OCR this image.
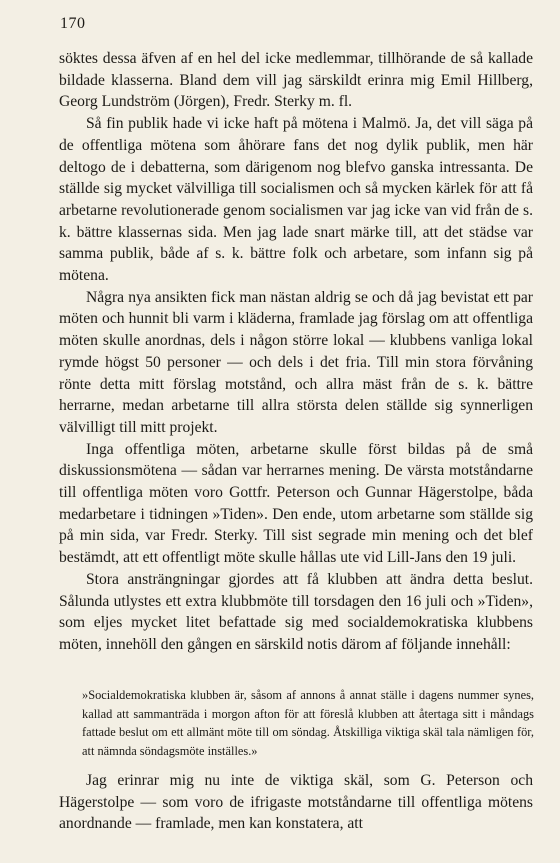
170

söktes dessa äfven af en hel del icke medlemmar, tillhörande de så kallade bildade klasserna. Bland dem vill jag särskildt erinra mig Emil Hillberg, Georg Lundström (Jörgen), Fredr. Sterky m. fl.

Så fin publik hade vi icke haft på mötena i Malmö. Ja, det vill säga på de offentliga mötena som åhörare fans det nog dylik publik, men här deltogo de i debatterna, som därigenom nog blefvo ganska intressanta. De ställde sig mycket välvilliga till socialismen och så mycken kärlek för att få arbetarne revolutionerade genom socialismen var jag icke van vid från de s. k. bättre klassernas sida. Men jag lade snart märke till, att det städse var samma publik, både af s. k. bättre folk och arbetare, som infann sig på mötena.

Några nya ansikten fick man nästan aldrig se och då jag bevistat ett par möten och hunnit bli varm i kläderna, framlade jag förslag om att offentliga möten skulle anordnas, dels i någon större lokal — klubbens vanliga lokal rymde högst 50 personer — och dels i det fria. Till min stora förvåning rönte detta mitt förslag motstånd, och allra mäst från de s. k. bättre herrarne, medan arbetarne till allra största delen ställde sig synnerligen välvilligt till mitt projekt.

Inga offentliga möten, arbetarne skulle först bildas på de små diskussionsmötena — sådan var herrarnes mening. De värsta motståndarne till offentliga möten voro Gottfr. Peterson och Gunnar Hägerstolpe, båda medarbetare i tidningen »Tiden». Den ende, utom arbetarne som ställde sig på min sida, var Fredr. Sterky. Till sist segrade min mening och det blef bestämdt, att ett offentligt möte skulle hållas ute vid Lill-Jans den 19 juli.

Stora ansträngningar gjordes att få klubben att ändra detta beslut. Sålunda utlystes ett extra klubbmöte till torsdagen den 16 juli och »Tiden», som eljes mycket litet befattade sig med socialdemokratiska klubbens möten, innehöll den gången en särskild notis därom af följande innehåll:

»Socialdemokratiska klubben är, såsom af annons å annat ställe i dagens nummer synes, kallad att sammanträda i morgon afton för att föreslå klubben att återtaga sitt i måndags fattade beslut om ett allmänt möte till om söndag. Åtskilliga viktiga skäl tala nämligen för, att nämnda söndagsmöte inställes.»

Jag erinrar mig nu inte de viktiga skäl, som G. Peterson och Hägerstolpe — som voro de ifrigaste motståndarne till offentliga mötens anordnande — framlade, men kan konstatera, att
